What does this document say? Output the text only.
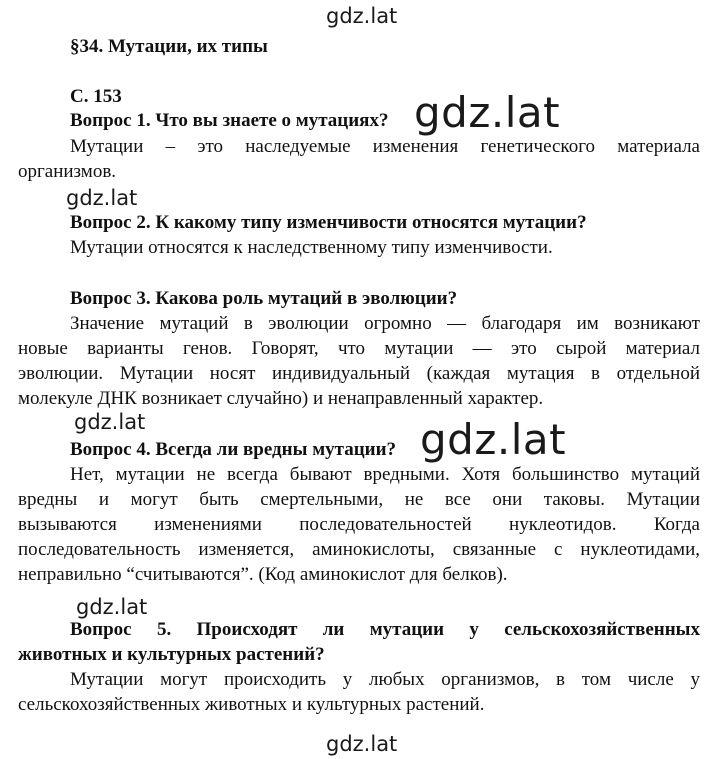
gdz.lat
gdz.lat
gdz.lat
gdz.lat	gdz.lat
gdz.lat
gdz.lat
§34. Мутации, их типы
С. 153
Вопрос 1. Что вы знаете о мутациях?
Мутации – это наследуемые изменения генетического материала
организмов.
Вопрос 2. К какому типу изменчивости относятся мутации?
Мутации относятся к наследственному типу изменчивости.
Вопрос 3. Какова роль мутаций в эволюции?
Значение мутаций в эволюции огромно — благодаря им возникают
новые варианты генов. Говорят, что мутации — это сырой материал
эволюции. Мутации носят индивидуальный (каждая мутация в отдельной
молекуле ДНК возникает случайно) и ненаправленный характер.
Вопрос 4. Всегда ли вредны мутации?
Нет, мутации не всегда бывают вредными. Хотя большинство мутаций
вредны и могут быть смертельными, не все они таковы. Мутации
вызываются изменениями последовательностей нуклеотидов. Когда
последовательность изменяется, аминокислоты, связанные с нуклеотидами,
неправильно “считываются”. (Код аминокислот для белков).
Вопрос 5. Происходят ли мутации у сельскохозяйственных
животных и культурных растений?
Мутации могут происходить у любых организмов, в том числе у
сельскохозяйственных животных и культурных растений.
